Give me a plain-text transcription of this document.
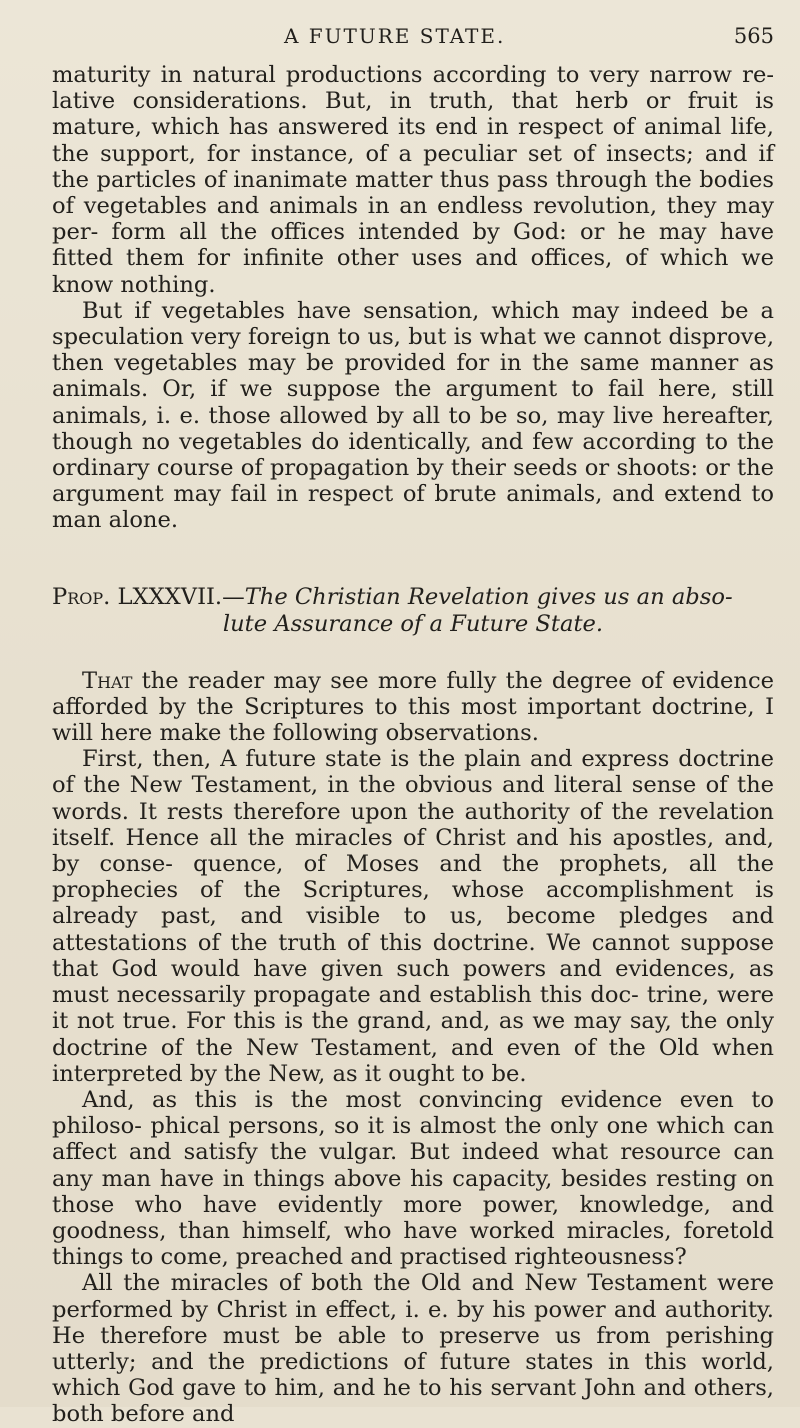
A FUTURE STATE.	565

maturity in natural productions according to very narrow re- lative considerations. But, in truth, that herb or fruit is mature, which has answered its end in respect of animal life, the support, for instance, of a peculiar set of insects; and if the particles of inanimate matter thus pass through the bodies of vegetables and animals in an endless revolution, they may per- form all the offices intended by God: or he may have fitted them for infinite other uses and offices, of which we know nothing.

But if vegetables have sensation, which may indeed be a speculation very foreign to us, but is what we cannot disprove, then vegetables may be provided for in the same manner as animals. Or, if we suppose the argument to fail here, still animals, i. e. those allowed by all to be so, may live hereafter, though no vegetables do identically, and few according to the ordinary course of propagation by their seeds or shoots: or the argument may fail in respect of brute animals, and extend to man alone.

Prop. LXXXVII.—The Christian Revelation gives us an abso-
lute Assurance of a Future State.

That the reader may see more fully the degree of evidence afforded by the Scriptures to this most important doctrine, I will here make the following observations.

First, then, A future state is the plain and express doctrine of the New Testament, in the obvious and literal sense of the words. It rests therefore upon the authority of the revelation itself. Hence all the miracles of Christ and his apostles, and, by conse- quence, of Moses and the prophets, all the prophecies of the Scriptures, whose accomplishment is already past, and visible to us, become pledges and attestations of the truth of this doctrine. We cannot suppose that God would have given such powers and evidences, as must necessarily propagate and establish this doc- trine, were it not true. For this is the grand, and, as we may say, the only doctrine of the New Testament, and even of the Old when interpreted by the New, as it ought to be.

And, as this is the most convincing evidence even to philoso- phical persons, so it is almost the only one which can affect and satisfy the vulgar. But indeed what resource can any man have in things above his capacity, besides resting on those who have evidently more power, knowledge, and goodness, than himself, who have worked miracles, foretold things to come, preached and practised righteousness?

All the miracles of both the Old and New Testament were performed by Christ in effect, i. e. by his power and authority. He therefore must be able to preserve us from perishing utterly; and the predictions of future states in this world, which God gave to him, and he to his servant John and others, both before and
